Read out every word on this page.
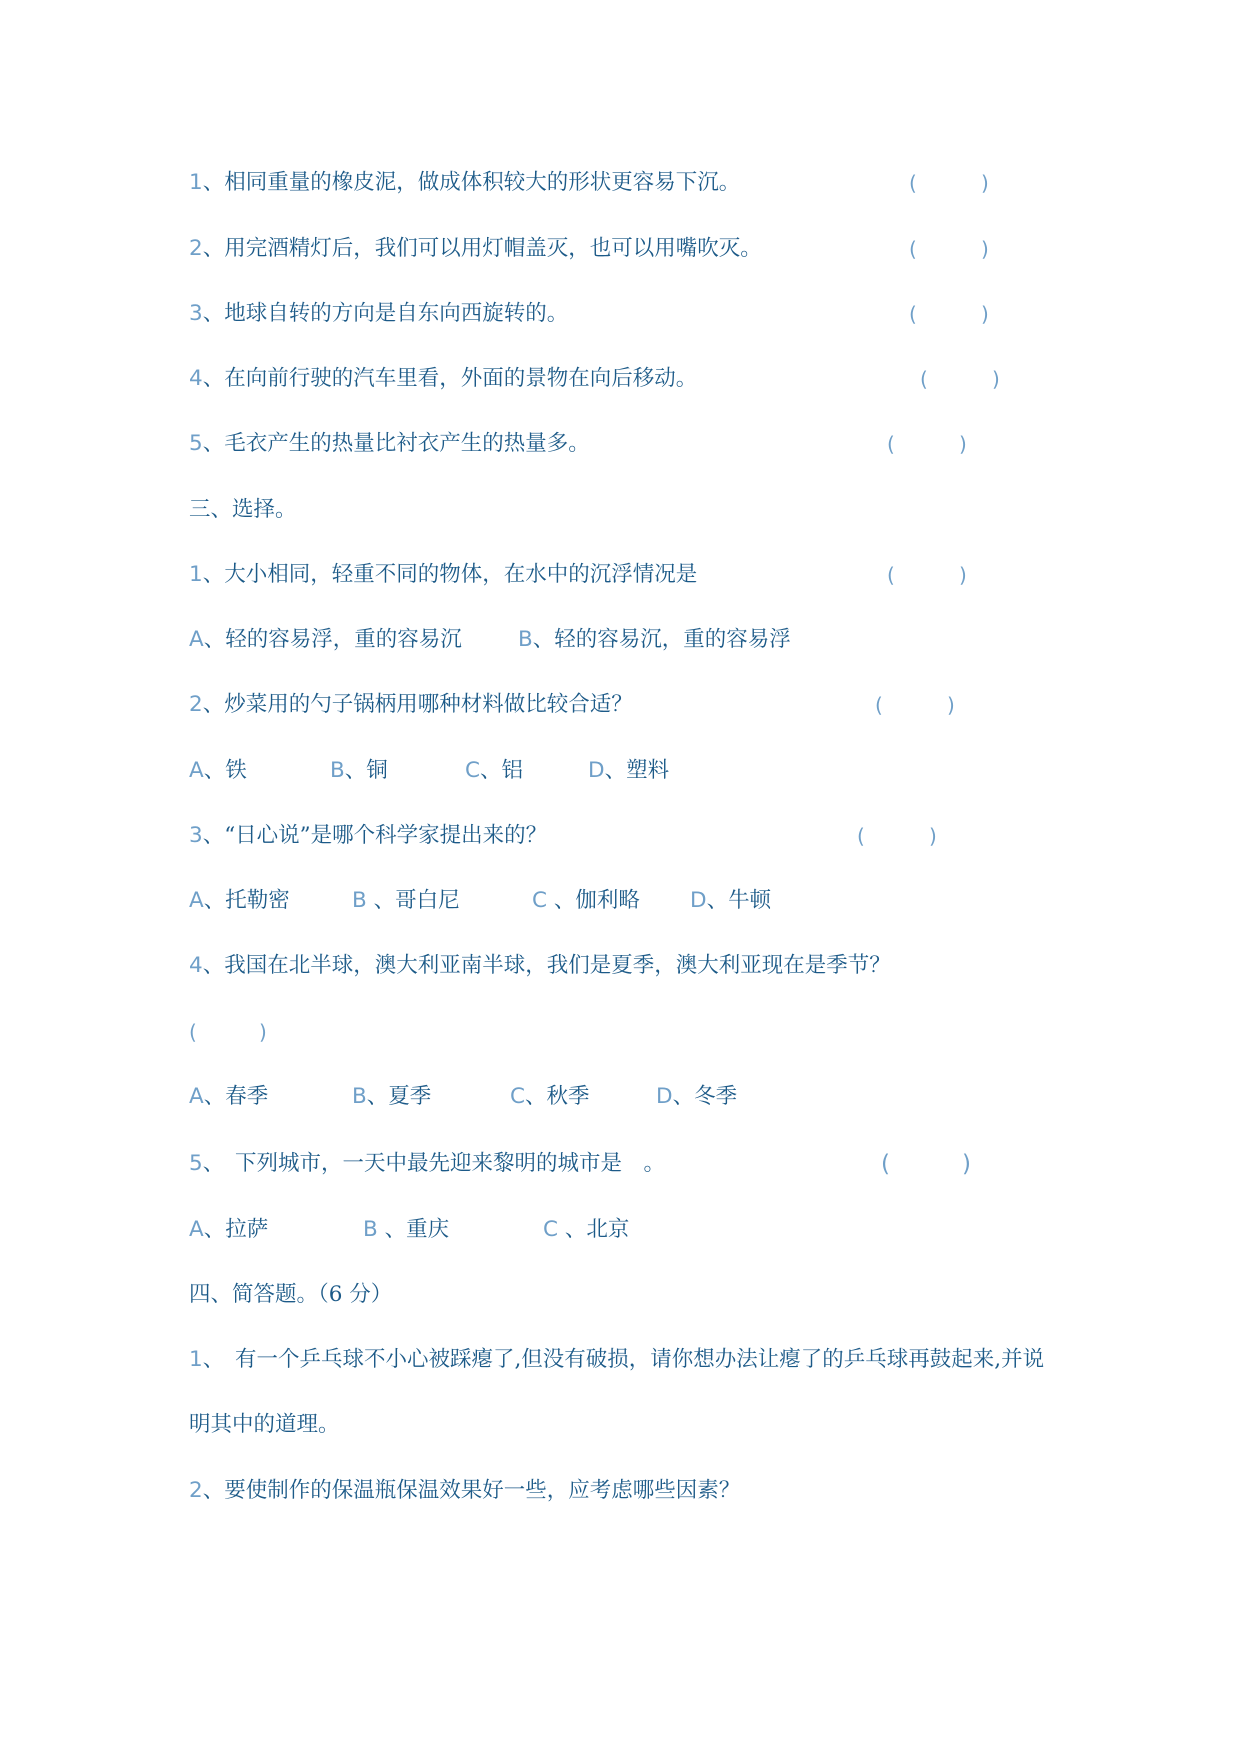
1、相同重量的橡皮泥，做成体积较大的形状更容易下沉。	(	)
2、用完酒精灯后，我们可以用灯帽盖灭，也可以用嘴吹灭。	(	)
3、地球自转的方向是自东向西旋转的。	(	)
4、在向前行驶的汽车里看，外面的景物在向后移动。	(	)
5、毛衣产生的热量比衬衣产生的热量多。	(	)
三、选择。
1、大小相同，轻重不同的物体，在水中的沉浮情况是	(	)
A、轻的容易浮，重的容易沉	B、轻的容易沉，重的容易浮
2、炒菜用的勺子锅柄用哪种材料做比较合适？	(	)
A、铁	B、铜	C、铝	D、塑料
3、“日心说”是哪个科学家提出来的？	(	)
A、托勒密	B 、哥白尼	C 、伽利略 D、牛顿
4、我国在北半球，澳大利亚南半球，我们是夏季，澳大利亚现在是季节？
(	)
A、春季	B、夏季	C、秋季	D、冬季
5、　下列城市，一天中最先迎来黎明的城市是　。	(	)
A、拉萨	B 、重庆	C 、北京
四、简答题。（6 分）
1、　有一个乒乓球不小心被踩瘪了,但没有破损，请你想办法让瘪了的乒乓球再鼓起来,并说
明其中的道理。
2、要使制作的保温瓶保温效果好一些，应考虑哪些因素？
